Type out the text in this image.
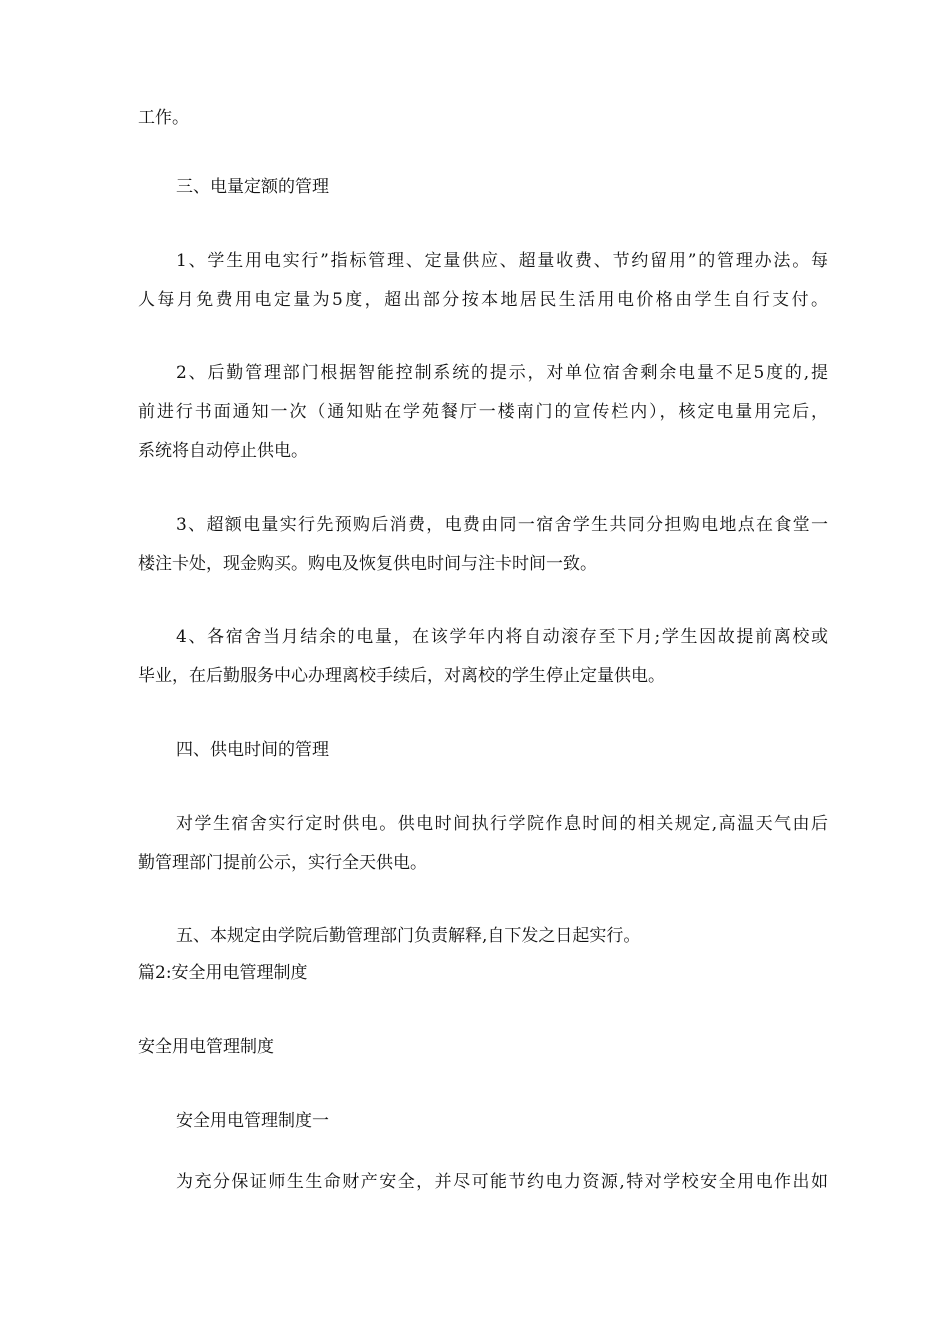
工作。
三、电量定额的管理
1、学生用电实行”指标管理、定量供应、超量收费、节约留用”的管理办法。每
人每月免费用电定量为5度，超出部分按本地居民生活用电价格由学生自行支付。
2、后勤管理部门根据智能控制系统的提示，对单位宿舍剩余电量不足5度的,提
前进行书面通知一次（通知贴在学苑餐厅一楼南门的宣传栏内），核定电量用完后，
系统将自动停止供电。
3、超额电量实行先预购后消费，电费由同一宿舍学生共同分担购电地点在食堂一
楼注卡处，现金购买。购电及恢复供电时间与注卡时间一致。
4、各宿舍当月结余的电量，在该学年内将自动滚存至下月;学生因故提前离校或
毕业，在后勤服务中心办理离校手续后，对离校的学生停止定量供电。
四、供电时间的管理
对学生宿舍实行定时供电。供电时间执行学院作息时间的相关规定,高温天气由后
勤管理部门提前公示，实行全天供电。
五、本规定由学院后勤管理部门负责解释,自下发之日起实行。
篇2:安全用电管理制度
安全用电管理制度
安全用电管理制度一
为充分保证师生生命财产安全，并尽可能节约电力资源,特对学校安全用电作出如
